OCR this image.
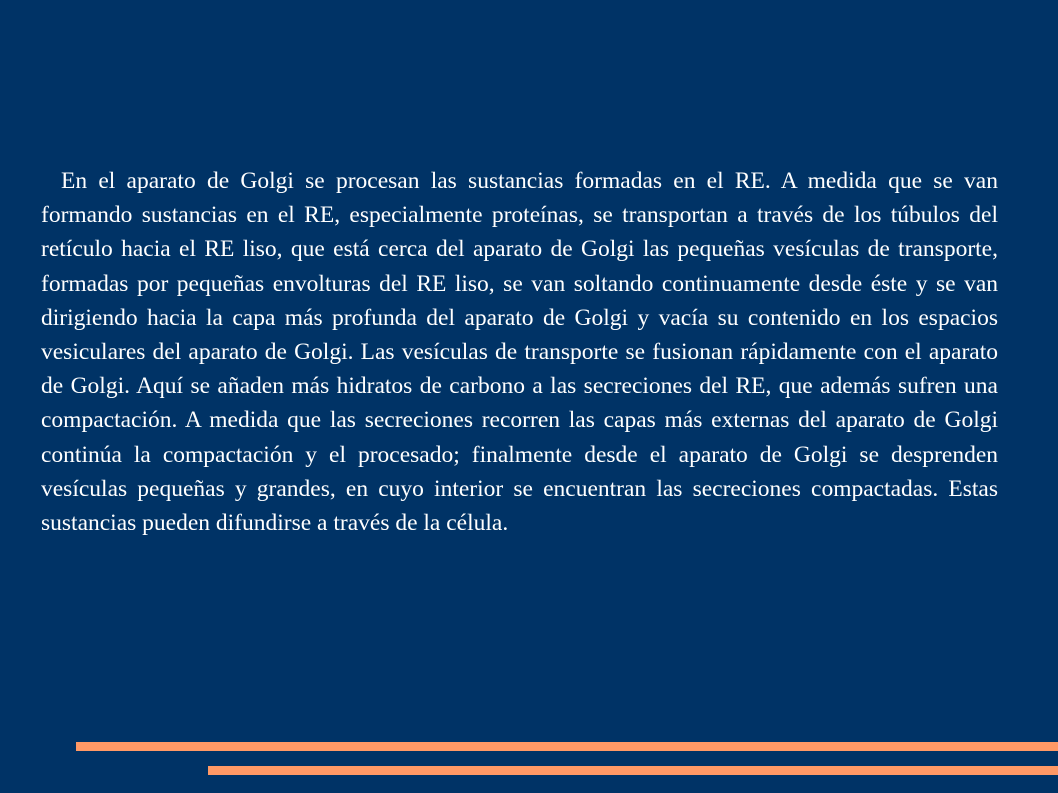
En el aparato de Golgi se procesan las sustancias formadas en el RE. A medida que se van formando sustancias en el RE, especialmente proteínas, se transportan a través de los túbulos del retículo hacia el RE liso, que está cerca del aparato de Golgi las pequeñas vesículas de transporte, formadas por pequeñas envolturas del RE liso, se van soltando continuamente desde éste y se van dirigiendo hacia la capa más profunda del aparato de Golgi y vacía su contenido en los espacios vesiculares del aparato de Golgi. Las vesículas de transporte se fusionan rápidamente con el aparato de Golgi. Aquí se añaden más hidratos de carbono a las secreciones del RE, que además sufren una compactación. A medida que las secreciones recorren las capas más externas del aparato de Golgi continúa la compactación y el procesado; finalmente desde el aparato de Golgi se desprenden vesículas pequeñas y grandes, en cuyo interior se encuentran las secreciones compactadas. Estas sustancias pueden difundirse a través de la célula.
